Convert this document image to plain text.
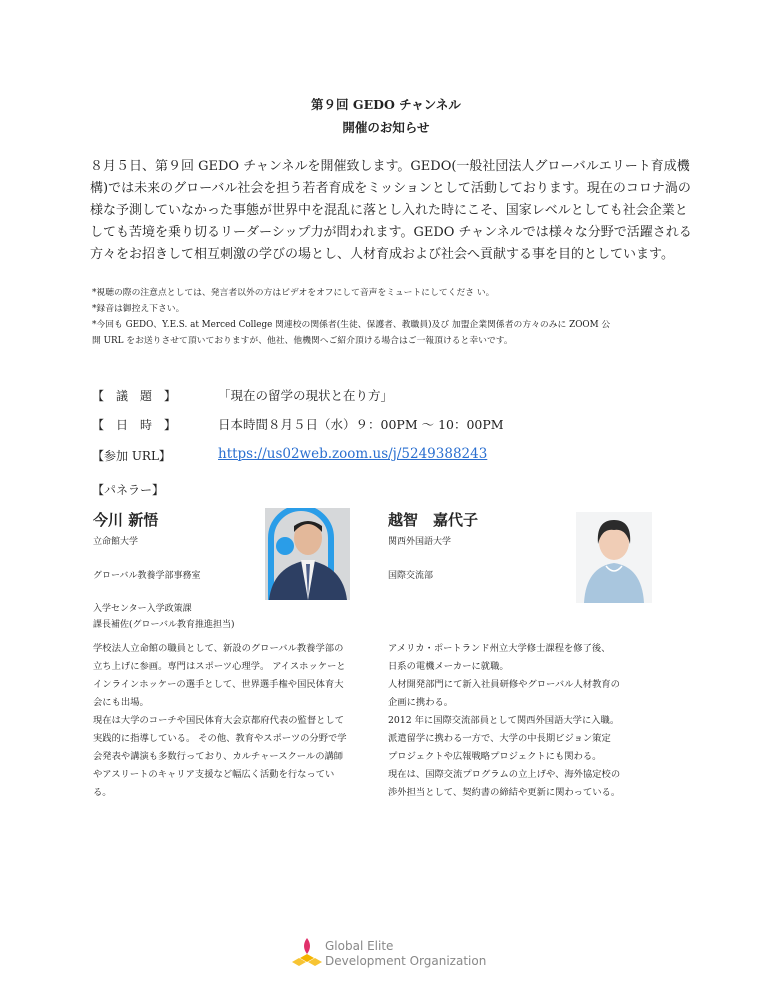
第９回 GEDO チャンネル
開催のお知らせ
８月５日、第９回 GEDO チャンネルを開催致します。GEDO(一般社団法人グローバルエリート育成機
構)では未来のグローバル社会を担う若者育成をミッションとして活動しております。現在のコロナ渦の
様な予測していなかった事態が世界中を混乱に落とし入れた時にこそ、国家レベルとしても社会企業と
しても苦境を乗り切るリーダーシップ力が問われます。GEDO チャンネルでは様々な分野で活躍される
方々をお招きして相互刺激の学びの場とし、人材育成および社会へ貢献する事を目的としています。
*視聴の際の注意点としては、発言者以外の方はビデオをオフにして音声をミュートにしてくださ い。
*録音は御控え下さい。
*今回も GEDO、Y.E.S. at Merced College 関連校の関係者(生徒、保護者、教職員)及び 加盟企業関係者の方々のみに ZOOM 公
開 URL をお送りさせて頂いておりますが、他社、他機関へご紹介頂ける場合はご一報頂けると幸いです。
【　議　題　】	「現在の留学の現状と在り方」
【　日　時　】	日本時間８月５日（水）９：00PM 〜 10：00PM
【参加 URL】	https://us02web.zoom.us/j/5249388243
【パネラー】
今川 新悟
立命館大学
グローバル教養学部事務室
入学センター入学政策課
課長補佐(グローバル教育推進担当)
越智　嘉代子
関西外国語大学
国際交流部
学校法人立命館の職員として、新設のグローバル教養学部の
立ち上げに参画。専門はスポーツ心理学。 アイスホッケーと
インラインホッケーの選手として、世界選手権や国民体育大
会にも出場。
現在は大学のコーチや国民体育大会京都府代表の監督として
実践的に指導している。 その他、教育やスポーツの分野で学
会発表や講演も多数行っており、カルチャースクールの講師
やアスリートのキャリア支援など幅広く活動を行なってい
る。
アメリカ・ポートランド州立大学修士課程を修了後、
日系の電機メーカーに就職。
人材開発部門にて新入社員研修やグローバル人材教育の
企画に携わる。
2012 年に国際交流部員として関西外国語大学に入職。
派遣留学に携わる一方で、大学の中長期ビジョン策定
プロジェクトや広報戦略プロジェクトにも関わる。
現在は、国際交流プログラムの立上げや、海外協定校の
渉外担当として、契約書の締結や更新に関わっている。
Global Elite
Development Organization
